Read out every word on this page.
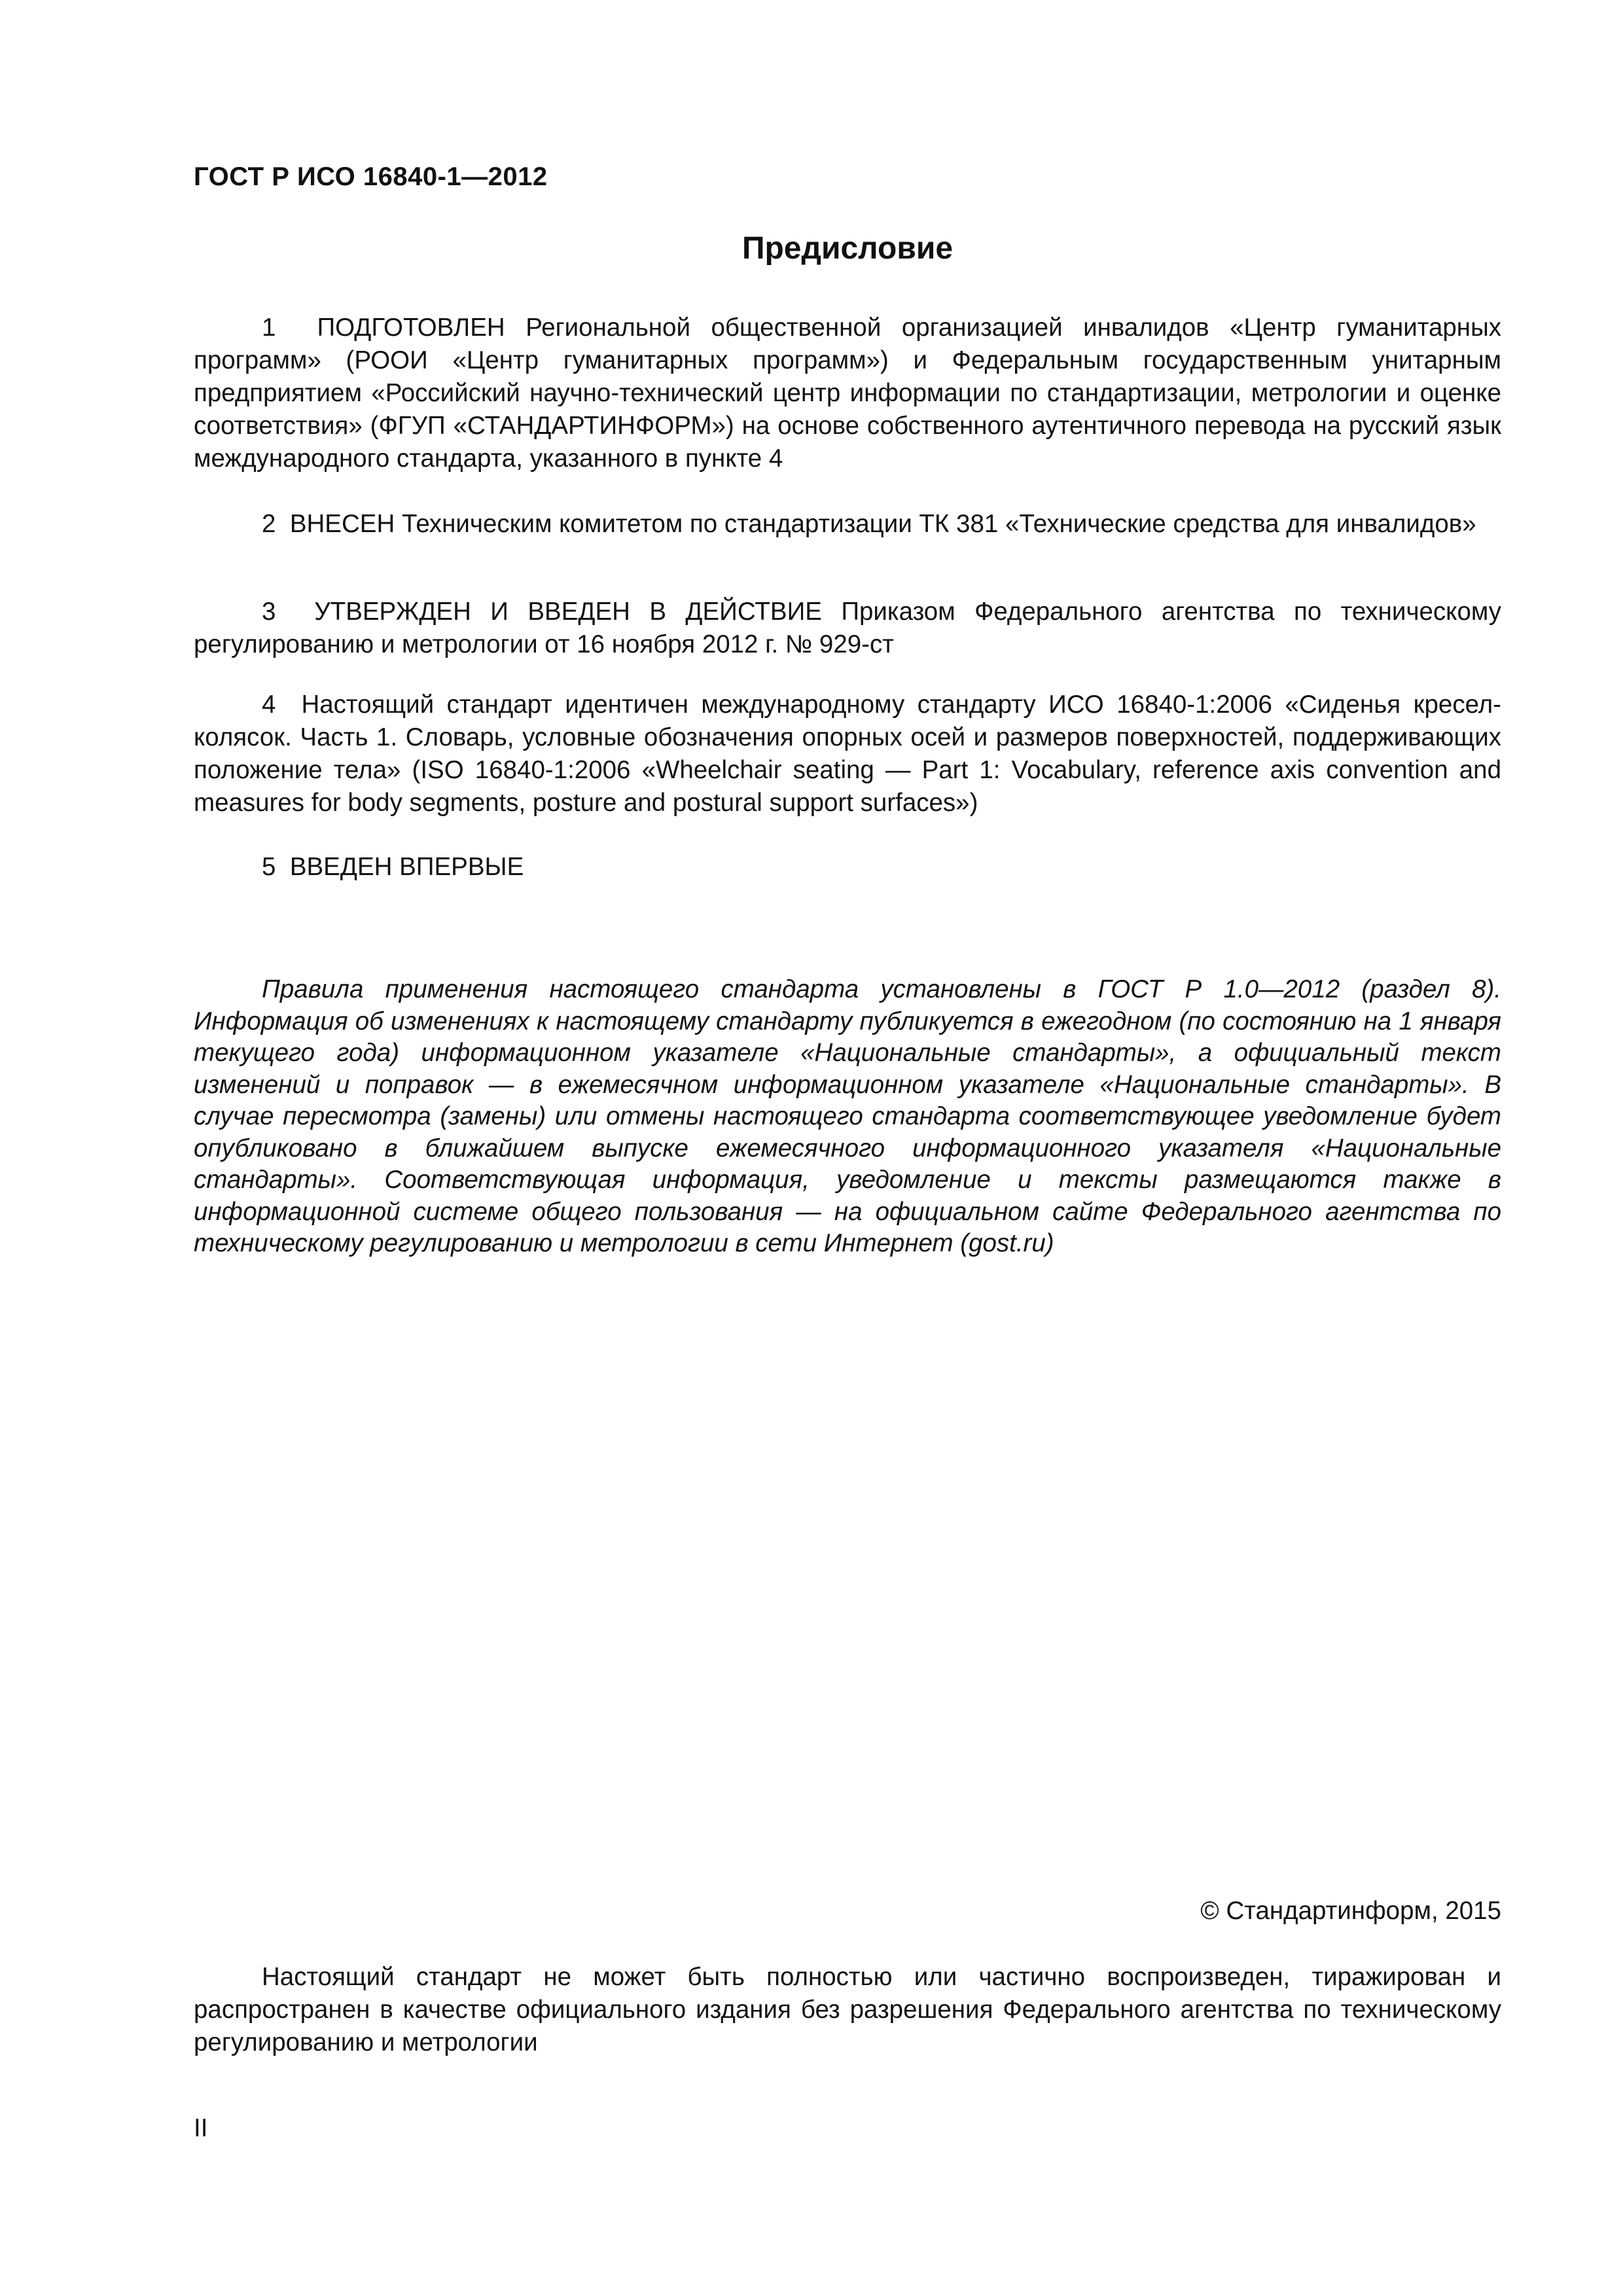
ГОСТ Р ИСО 16840-1—2012
Предисловие

1 ПОДГОТОВЛЕН Региональной общественной организацией инвалидов «Центр гуманитарных программ» (РООИ «Центр гуманитарных программ») и Федеральным государственным унитарным предприятием «Российский научно-технический центр информации по стандартизации, метрологии и оценке соответствия» (ФГУП «СТАНДАРТИНФОРМ») на основе собственного аутентичного перевода на русский язык международного стандарта, указанного в пункте 4

2 ВНЕСЕН Техническим комитетом по стандартизации ТК 381 «Технические средства для инвалидов»

3 УТВЕРЖДЕН И ВВЕДЕН В ДЕЙСТВИЕ Приказом Федерального агентства по техническому регулированию и метрологии от 16 ноября 2012 г. № 929-ст

4 Настоящий стандарт идентичен международному стандарту ИСО 16840-1:2006 «Сиденья кресел-колясок. Часть 1. Словарь, условные обозначения опорных осей и размеров поверхностей, поддерживающих положение тела» (ISO 16840-1:2006 «Wheelchair seating — Part 1: Vocabulary, reference axis convention and measures for body segments, posture and postural support surfaces»)

5 ВВЕДЕН ВПЕРВЫЕ

Правила применения настоящего стандарта установлены в ГОСТ Р 1.0—2012 (раздел 8). Информация об изменениях к настоящему стандарту публикуется в ежегодном (по состоянию на 1 января текущего года) информационном указателе «Национальные стандарты», а официальный текст изменений и поправок — в ежемесячном информационном указателе «Национальные стандарты». В случае пересмотра (замены) или отмены настоящего стандарта соответствующее уведомление будет опубликовано в ближайшем выпуске ежемесячного информационного указателя «Национальные стандарты». Соответствующая информация, уведомление и тексты размещаются также в информационной системе общего пользования — на официальном сайте Федерального агентства по техническому регулированию и метрологии в сети Интернет (gost.ru)

© Стандартинформ, 2015

Настоящий стандарт не может быть полностью или частично воспроизведен, тиражирован и распространен в качестве официального издания без разрешения Федерального агентства по техническому регулированию и метрологии

II
